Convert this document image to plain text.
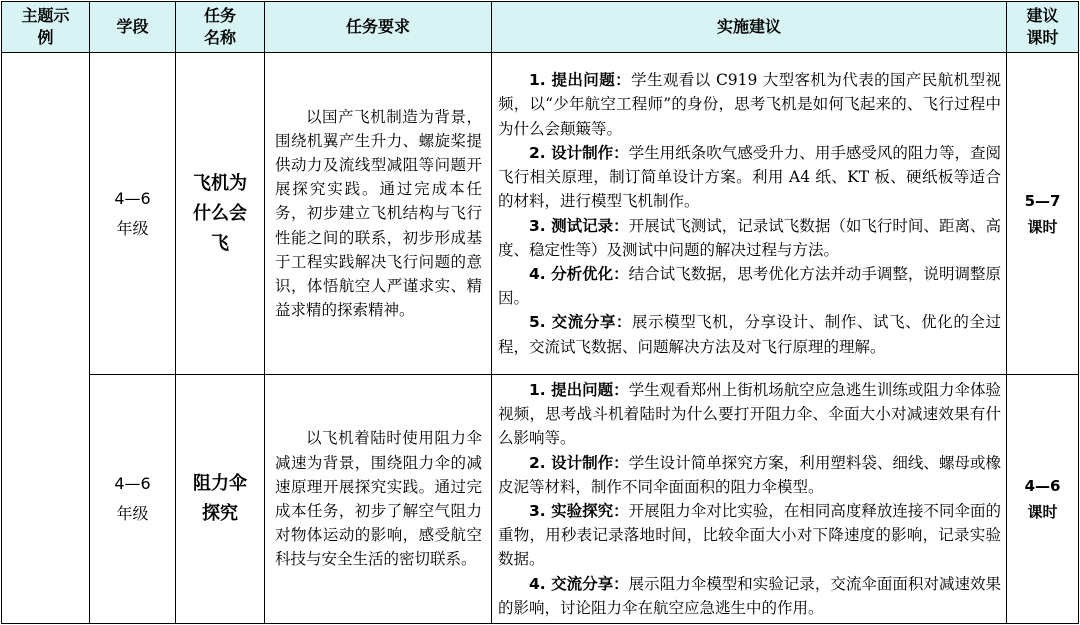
主题示例	学段	任务名称	任务要求	实施建议	建议课时

	4—6年级	飞机为什么会飞	以国产飞机制造为背景，围绕机翼产生升力、螺旋桨提供动力及流线型减阻等问题开展探究实践。通过完成本任务，初步建立飞机结构与飞行性能之间的联系，初步形成基于工程实践解决飞行问题的意识，体悟航空人严谨求实、精益求精的探索精神。	1. 提出问题：学生观看以 C919 大型客机为代表的国产民航机型视频，以“少年航空工程师”的身份，思考飞机是如何飞起来的、飞行过程中为什么会颠簸等。

2. 设计制作：学生用纸条吹气感受升力、用手感受风的阻力等，查阅飞行相关原理，制订简单设计方案。利用 A4 纸、KT 板、硬纸板等适合的材料，进行模型飞机制作。

3. 测试记录：开展试飞测试，记录试飞数据（如飞行时间、距离、高度、稳定性等）及测试中问题的解决过程与方法。

4. 分析优化：结合试飞数据，思考优化方法并动手调整，说明调整原因。

5. 交流分享：展示模型飞机，分享设计、制作、试飞、优化的全过程，交流试飞数据、问题解决方法及对飞行原理的理解。	5—7课时

	4—6年级	阻力伞探究	以飞机着陆时使用阻力伞减速为背景，围绕阻力伞的减速原理开展探究实践。通过完成本任务，初步了解空气阻力对物体运动的影响，感受航空科技与安全生活的密切联系。	1. 提出问题：学生观看郑州上街机场航空应急逃生训练或阻力伞体验视频，思考战斗机着陆时为什么要打开阻力伞、伞面大小对减速效果有什么影响等。

2. 设计制作：学生设计简单探究方案，利用塑料袋、细线、螺母或橡皮泥等材料，制作不同伞面面积的阻力伞模型。

3. 实验探究：开展阻力伞对比实验，在相同高度释放连接不同伞面的重物，用秒表记录落地时间，比较伞面大小对下降速度的影响，记录实验数据。

4. 交流分享：展示阻力伞模型和实验记录，交流伞面面积对减速效果的影响，讨论阻力伞在航空应急逃生中的作用。	4—6课时
